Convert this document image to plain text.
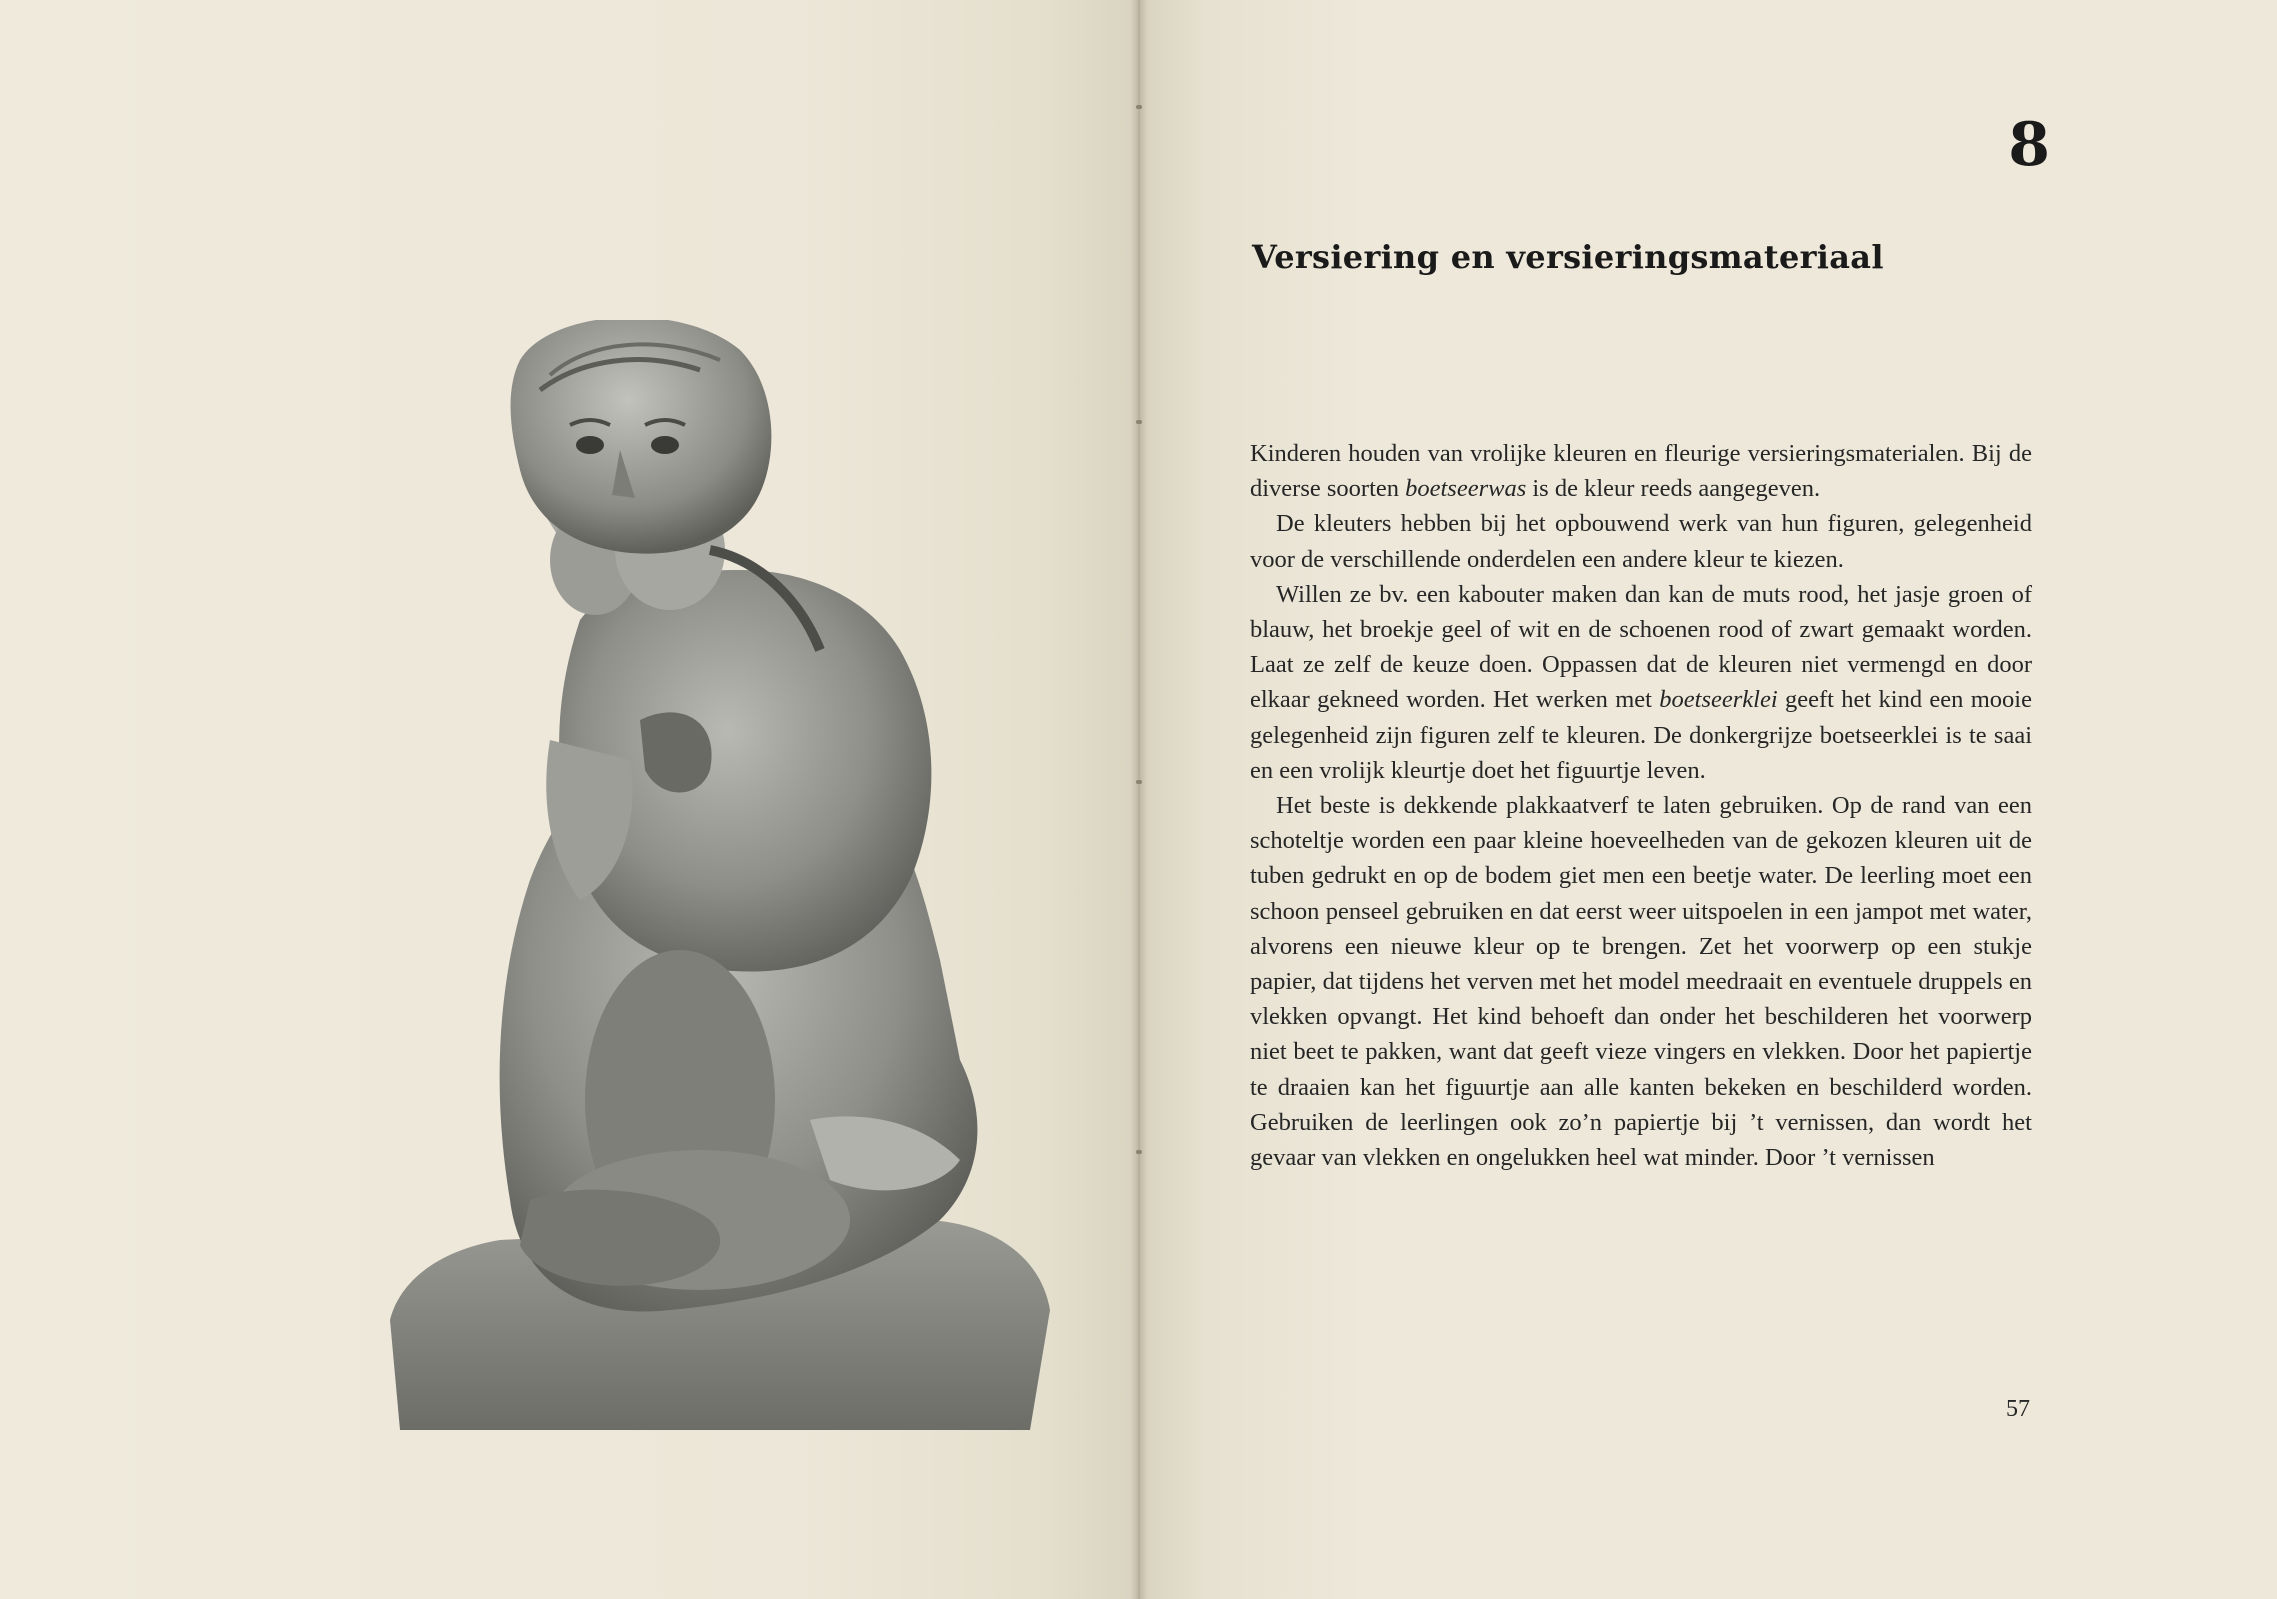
8
Versiering en versieringsmateriaal

Kinderen houden van vrolijke kleuren en fleurige versieringsmaterialen. Bij de diverse soorten boetseerwas is de kleur reeds aangegeven.

De kleuters hebben bij het opbouwend werk van hun figuren, gelegenheid voor de verschillende onderdelen een andere kleur te kiezen.

Willen ze bv. een kabouter maken dan kan de muts rood, het jasje groen of blauw, het broekje geel of wit en de schoenen rood of zwart gemaakt worden. Laat ze zelf de keuze doen. Oppassen dat de kleuren niet vermengd en door elkaar gekneed worden. Het werken met boetseerklei geeft het kind een mooie gelegenheid zijn figuren zelf te kleuren. De donkergrijze boetseerklei is te saai en een vrolijk kleurtje doet het figuurtje leven.

Het beste is dekkende plakkaatverf te laten gebruiken. Op de rand van een schoteltje worden een paar kleine hoeveelheden van de gekozen kleuren uit de tuben gedrukt en op de bodem giet men een beetje water. De leerling moet een schoon penseel gebruiken en dat eerst weer uitspoelen in een jampot met water, alvorens een nieuwe kleur op te brengen. Zet het voorwerp op een stukje papier, dat tijdens het verven met het model meedraait en eventuele druppels en vlekken opvangt. Het kind behoeft dan onder het beschilderen het voorwerp niet beet te pakken, want dat geeft vieze vingers en vlekken. Door het papiertje te draaien kan het figuurtje aan alle kanten bekeken en beschilderd worden. Gebruiken de leerlingen ook zo’n papiertje bij ’t vernissen, dan wordt het gevaar van vlekken en ongelukken heel wat minder. Door ’t vernissen

57
